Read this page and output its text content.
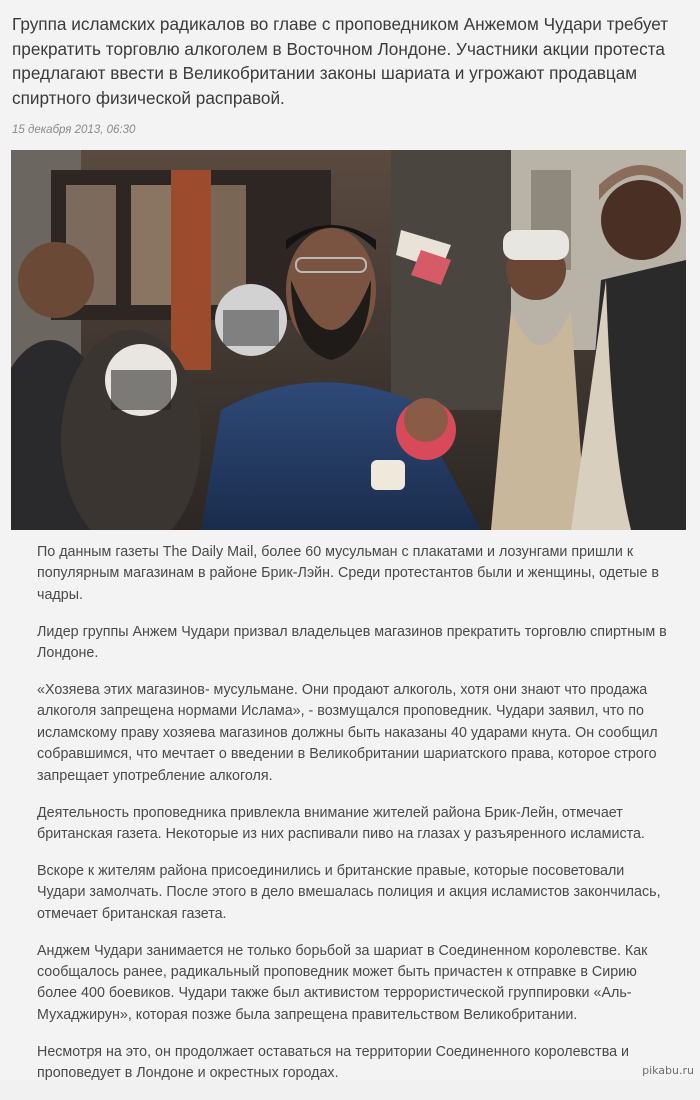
Группа исламских радикалов во главе с проповедником Анжемом Чудари требует прекратить торговлю алкоголем в Восточном Лондоне. Участники акции протеста предлагают ввести в Великобритании законы шариата и угрожают продавцам спиртного физической расправой.

15 декабря 2013, 06:30

По данным газеты The Daily Mail, более 60 мусульман с плакатами и лозунгами пришли к популярным магазинам в районе Брик-Лэйн. Среди протестантов были и женщины, одетые в чадры.

Лидер группы Анжем Чудари призвал владельцев магазинов прекратить торговлю спиртным в Лондоне.

«Хозяева этих магазинов- мусульмане. Они продают алкоголь, хотя они знают что продажа алкоголя запрещена нормами Ислама», - возмущался проповедник. Чудари заявил, что по исламскому праву хозяева магазинов должны быть наказаны 40 ударами кнута. Он сообщил собравшимся, что мечтает о введении в Великобритании шариатского права, которое строго запрещает употребление алкоголя.

Деятельность проповедника привлекла внимание жителей района Брик-Лейн, отмечает британская газета. Некоторые из них распивали пиво на глазах у разъяренного исламиста.

Вскоре к жителям района присоединились и британские правые, которые посоветовали Чудари замолчать. После этого в дело вмешалась полиция и акция исламистов закончилась, отмечает британская газета.

Анджем Чудари занимается не только борьбой за шариат в Соединенном королевстве. Как сообщалось ранее, радикальный проповедник может быть причастен к отправке в Сирию более 400 боевиков. Чудари также был активистом террористической группировки «Аль-Мухаджирун», которая позже была запрещена правительством Великобритании.

Несмотря на это, он продолжает оставаться на территории Соединенного королевства и проповедует в Лондоне и окрестных городах.	pikabu.ru
